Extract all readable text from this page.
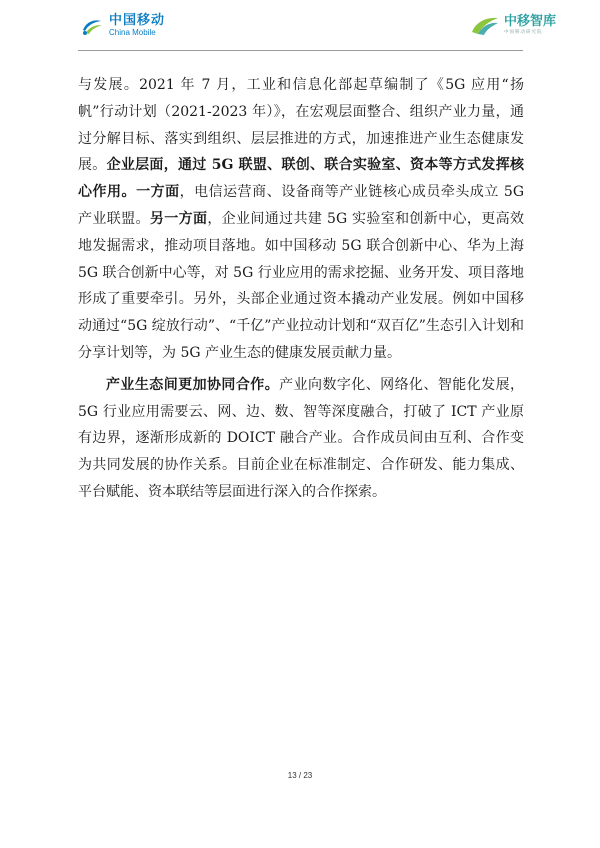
中国移动
China Mobile
中移智库
中国移动研究院

与发展。2021 年 7 月，工业和信息化部起草编制了《5G 应用“扬帆”行动计划（2021-2023 年）》，在宏观层面整合、组织产业力量，通过分解目标、落实到组织、层层推进的方式，加速推进产业生态健康发展。企业层面，通过 5G 联盟、联创、联合实验室、资本等方式发挥核心作用。一方面，电信运营商、设备商等产业链核心成员牵头成立 5G 产业联盟。另一方面，企业间通过共建 5G 实验室和创新中心，更高效地发掘需求，推动项目落地。如中国移动 5G 联合创新中心、华为上海 5G 联合创新中心等，对 5G 行业应用的需求挖掘、业务开发、项目落地形成了重要牵引。另外，头部企业通过资本撬动产业发展。例如中国移动通过“5G 绽放行动”、“千亿”产业拉动计划和“双百亿”生态引入计划和分享计划等，为 5G 产业生态的健康发展贡献力量。

产业生态间更加协同合作。产业向数字化、网络化、智能化发展，5G 行业应用需要云、网、边、数、智等深度融合，打破了 ICT 产业原有边界，逐渐形成新的 DOICT 融合产业。合作成员间由互利、合作变为共同发展的协作关系。目前企业在标准制定、合作研发、能力集成、平台赋能、资本联结等层面进行深入的合作探索。

13 / 23
